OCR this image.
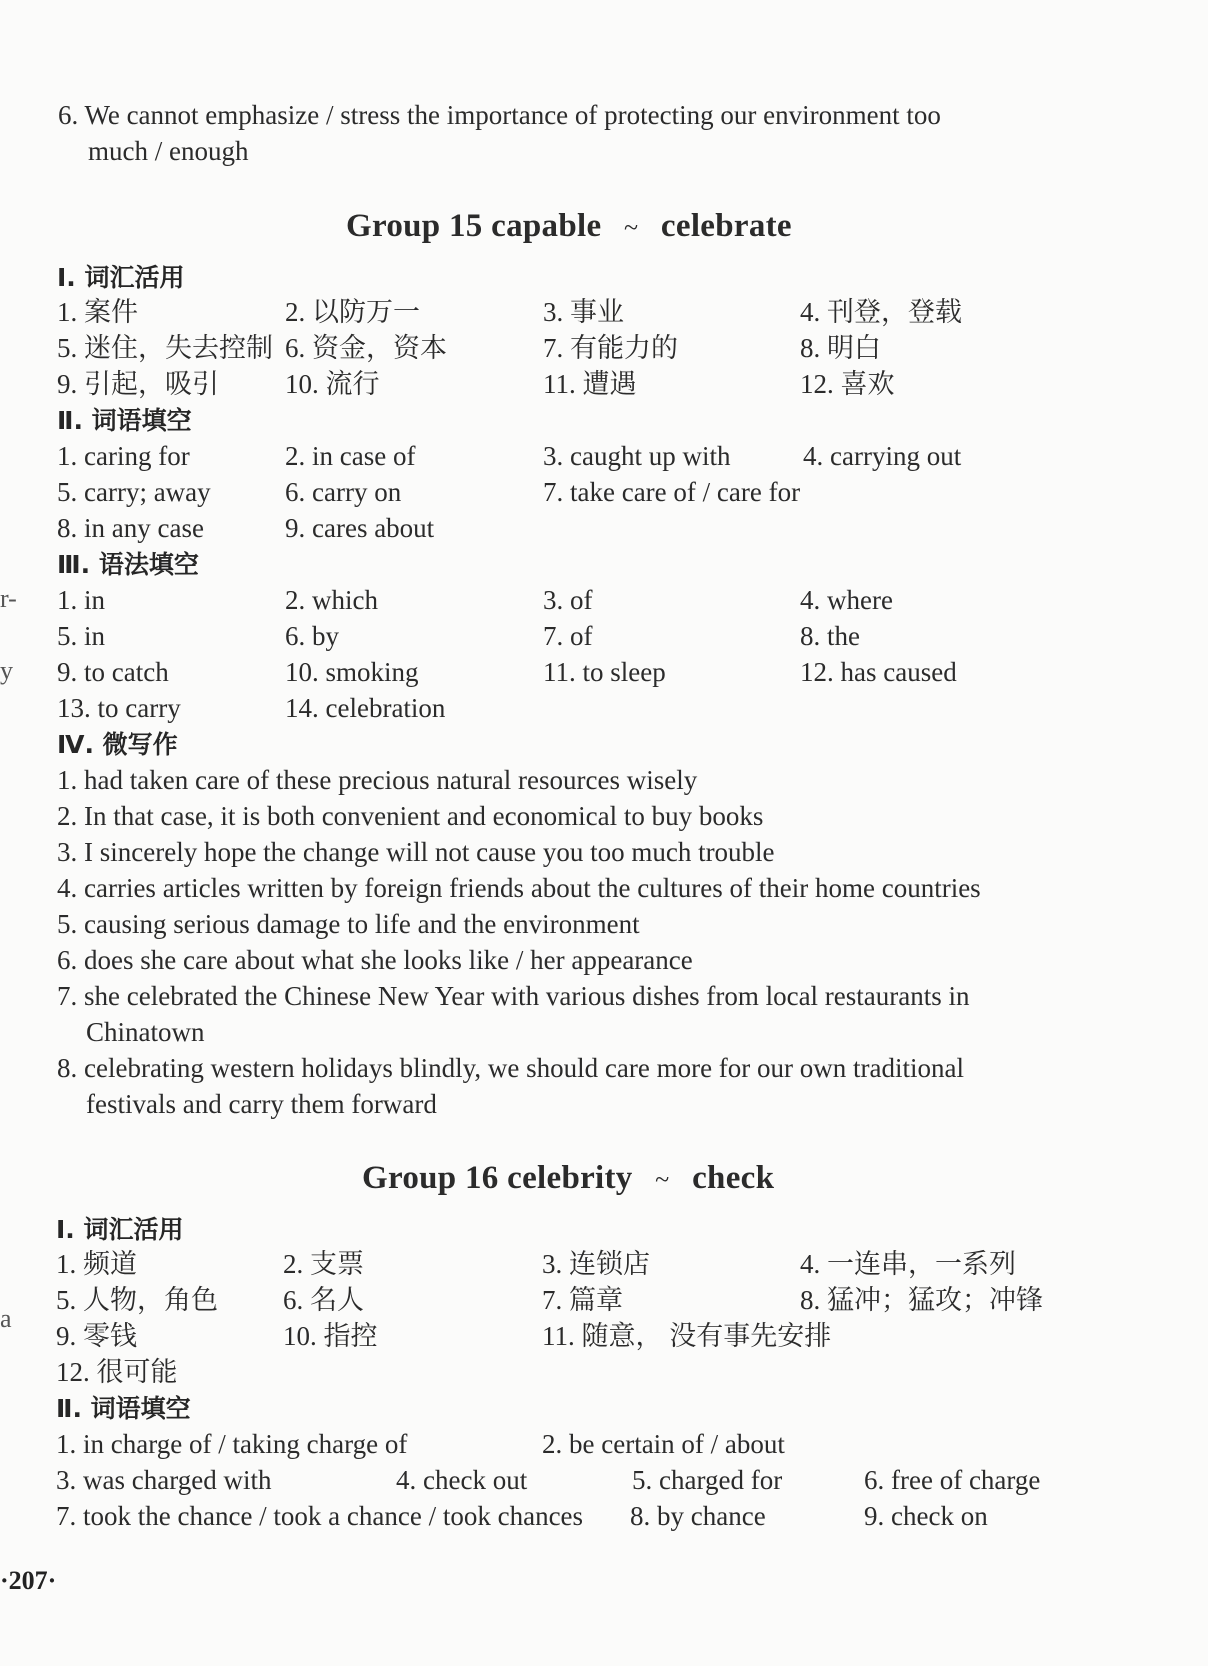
6. We cannot emphasize / stress the importance of protecting our environment too
much / enough
Group 15 capable ~ celebrate
Ⅰ. 词汇活用
1. 案件	2. 以防万一	3. 事业	4. 刊登，登载
5. 迷住，失去控制 6. 资金，资本	7. 有能力的	8. 明白
9. 引起，吸引 10. 流行	11. 遭遇	12. 喜欢
Ⅱ. 词语填空
1. caring for	2. in case of	3. caught up with	4. carrying out
5. carry; away	6. carry on	7. take care of / care for
8. in any case	9. cares about
Ⅲ. 语法填空
1. in	2. which	3. of	4. where
5. in	6. by	7. of	8. the
9. to catch	10. smoking	11. to sleep	12. has caused
13. to carry	14. celebration
Ⅳ. 微写作
1. had taken care of these precious natural resources wisely
2. In that case, it is both convenient and economical to buy books
3. I sincerely hope the change will not cause you too much trouble
4. carries articles written by foreign friends about the cultures of their home countries
5. causing serious damage to life and the environment
6. does she care about what she looks like / her appearance
7. she celebrated the Chinese New Year with various dishes from local restaurants in
Chinatown
8. celebrating western holidays blindly, we should care more for our own traditional
festivals and carry them forward
Group 16 celebrity ~ check
Ⅰ. 词汇活用
1. 频道	2. 支票	3. 连锁店	4. 一连串，一系列
5. 人物，角色 6. 名人	7. 篇章	8. 猛冲；猛攻；冲锋
9. 零钱	10. 指控	11. 随意， 没有事先安排
12. 很可能
Ⅱ. 词语填空
1. in charge of / taking charge of	2. be certain of / about
3. was charged with	4. check out	5. charged for	6. free of charge
7. took the chance / took a chance / took chances 8. by chance	9. check on
r-
y
a
·207·
